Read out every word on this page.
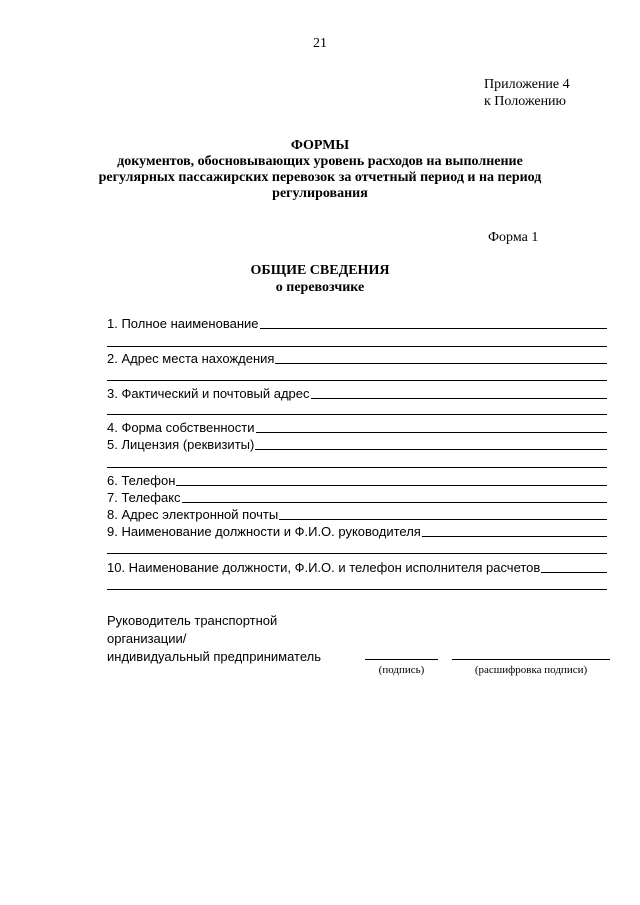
21
Приложение 4
к Положению
ФОРМЫ
документов, обосновывающих уровень расходов на выполнение
регулярных пассажирских перевозок за отчетный период и на период
регулирования
Форма 1
ОБЩИЕ СВЕДЕНИЯ
о перевозчике
1. Полное наименование
2. Адрес места нахождения
3. Фактический и почтовый адрес
4. Форма собственности
5. Лицензия (реквизиты)
6. Телефон
7. Телефакс
8. Адрес электронной почты
9. Наименование должности и Ф.И.О. руководителя
10. Наименование должности, Ф.И.О. и телефон исполнителя расчетов
Руководитель транспортной
организации/
индивидуальный предприниматель
(подпись)	(расшифровка подписи)
